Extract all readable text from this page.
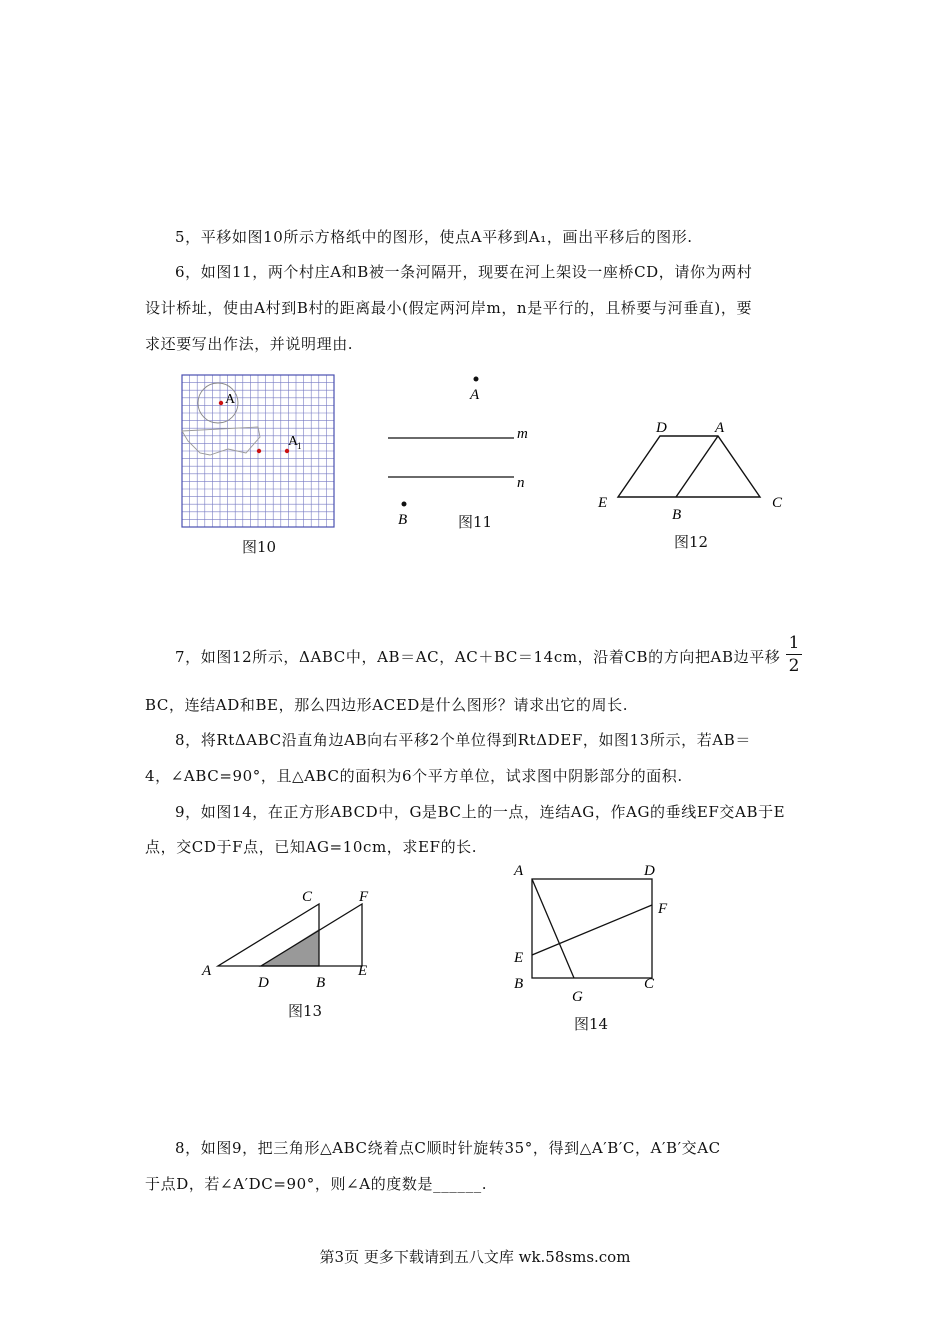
5，平移如图10所示方格纸中的图形，使点A平移到A₁，画出平移后的图形.
6，如图11，两个村庄A和B被一条河隔开，现要在河上架设一座桥CD，请你为两村
设计桥址，使由A村到B村的距离最小(假定两河岸m，n是平行的，且桥要与河垂直)，要
求还要写出作法，并说明理由.
A
A
1
图10
A
m
n
B	图11
D	A
E
B
C
图12
7，如图12所示，ΔABC中，AB＝AC，AC＋BC＝14cm，沿着CB的方向把AB边平移
1
2
BC，连结AD和BE，那么四边形ACED是什么图形？请求出它的周长.
8，将RtΔABC沿直角边AB向右平移2个单位得到RtΔDEF，如图13所示，若AB＝
4，∠ABC=90°，且△ABC的面积为6个平方单位，试求图中阴影部分的面积.
9，如图14，在正方形ABCD中，G是BC上的一点，连结AG，作AG的垂线EF交AB于E
点，交CD于F点，已知AG=10cm，求EF的长.
A
D	B
E
C	F
图13
A	D
F
E
B
G
C
图14
8，如图9，把三角形△ABC绕着点C顺时针旋转35°，得到△A′B′C，A′B′交AC
于点D，若∠A′DC=90°，则∠A的度数是______.
第3页 更多下载请到五八文库 wk.58sms.com
